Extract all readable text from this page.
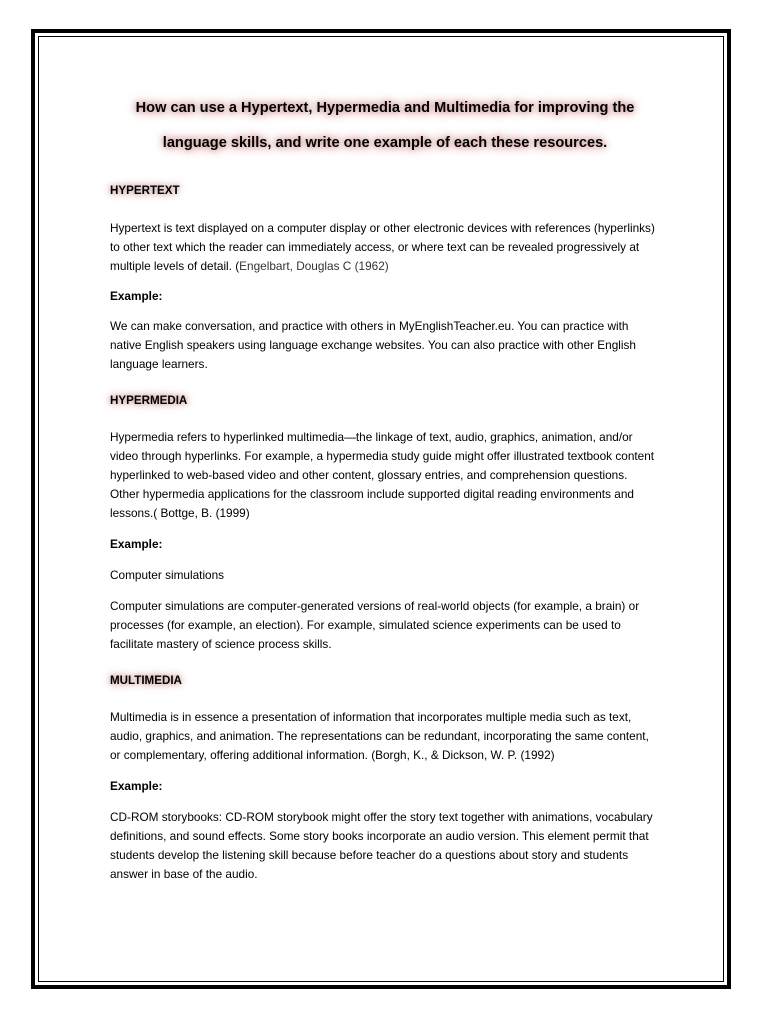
How can use a Hypertext, Hypermedia and Multimedia for improving the
language skills, and write one example of each these resources.
HYPERTEXT

Hypertext is text displayed on a computer display or other electronic devices with references (hyperlinks) to other text which the reader can immediately access, or where text can be revealed progressively at multiple levels of detail. (Engelbart, Douglas C (1962)

Example:

We can make conversation, and practice with others in MyEnglishTeacher.eu. You can practice with native English speakers using language exchange websites. You can also practice with other English language learners.

HYPERMEDIA

Hypermedia refers to hyperlinked multimedia—the linkage of text, audio, graphics, animation, and/or video through hyperlinks. For example, a hypermedia study guide might offer illustrated textbook content hyperlinked to web-based video and other content, glossary entries, and comprehension questions. Other hypermedia applications for the classroom include supported digital reading environments and lessons.( Bottge, B. (1999)

Example:

Computer simulations

Computer simulations are computer-generated versions of real-world objects (for example, a brain) or processes (for example, an election). For example, simulated science experiments can be used to facilitate mastery of science process skills.

MULTIMEDIA

Multimedia is in essence a presentation of information that incorporates multiple media such as text, audio, graphics, and animation. The representations can be redundant, incorporating the same content, or complementary, offering additional information. (Borgh, K., & Dickson, W. P. (1992)

Example:

CD-ROM storybooks: CD-ROM storybook might offer the story text together with animations, vocabulary definitions, and sound effects. Some story books incorporate an audio version. This element permit that students develop the listening skill because before teacher do a questions about story and students answer in base of the audio.
